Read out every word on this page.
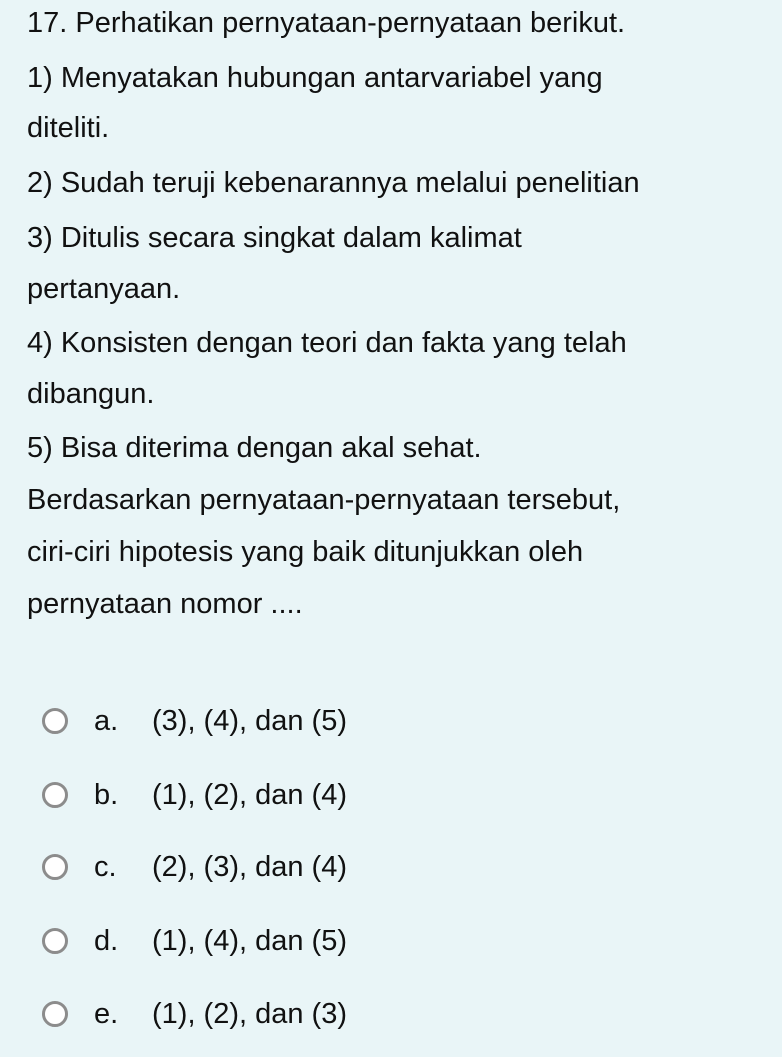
17. Perhatikan pernyataan-pernyataan berikut.
1) Menyatakan hubungan antarvariabel yang
diteliti.
2) Sudah teruji kebenarannya melalui penelitian
3) Ditulis secara singkat dalam kalimat
pertanyaan.
4) Konsisten dengan teori dan fakta yang telah
dibangun.
5) Bisa diterima dengan akal sehat.
Berdasarkan pernyataan-pernyataan tersebut,
ciri-ciri hipotesis yang baik ditunjukkan oleh
pernyataan nomor ....
a.	(3), (4), dan (5)
b.	(1), (2), dan (4)
c.	(2), (3), dan (4)
d.	(1), (4), dan (5)
e.	(1), (2), dan (3)
